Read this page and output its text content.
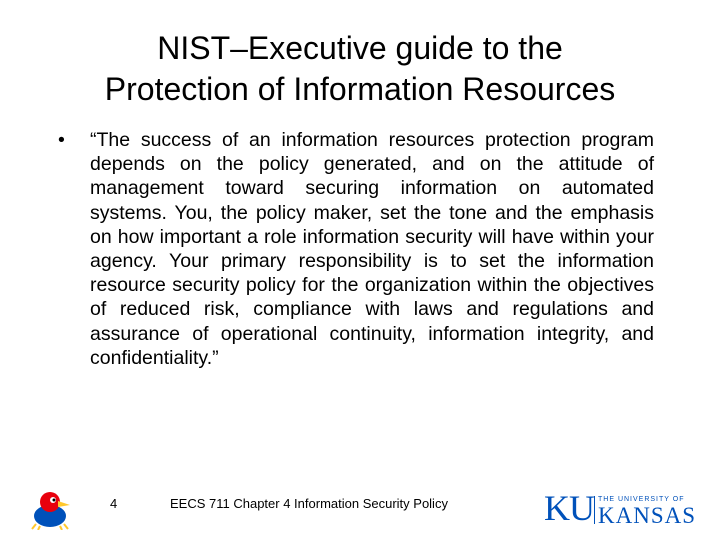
NIST–Executive guide to the
Protection of Information Resources
• “The success of an information resources protection program depends on the policy generated, and on the attitude of management toward securing information on automated systems. You, the policy maker, set the tone and the emphasis on how important a role information security will have within your agency. Your primary responsibility is to set the information resource security policy for the organization within the objectives of reduced risk, compliance with laws and regulations and assurance of operational continuity, information integrity, and confidentiality.”
4	EECS 711 Chapter 4 Information Security Policy	KU THE UNIVERSITY OF
KANSAS
